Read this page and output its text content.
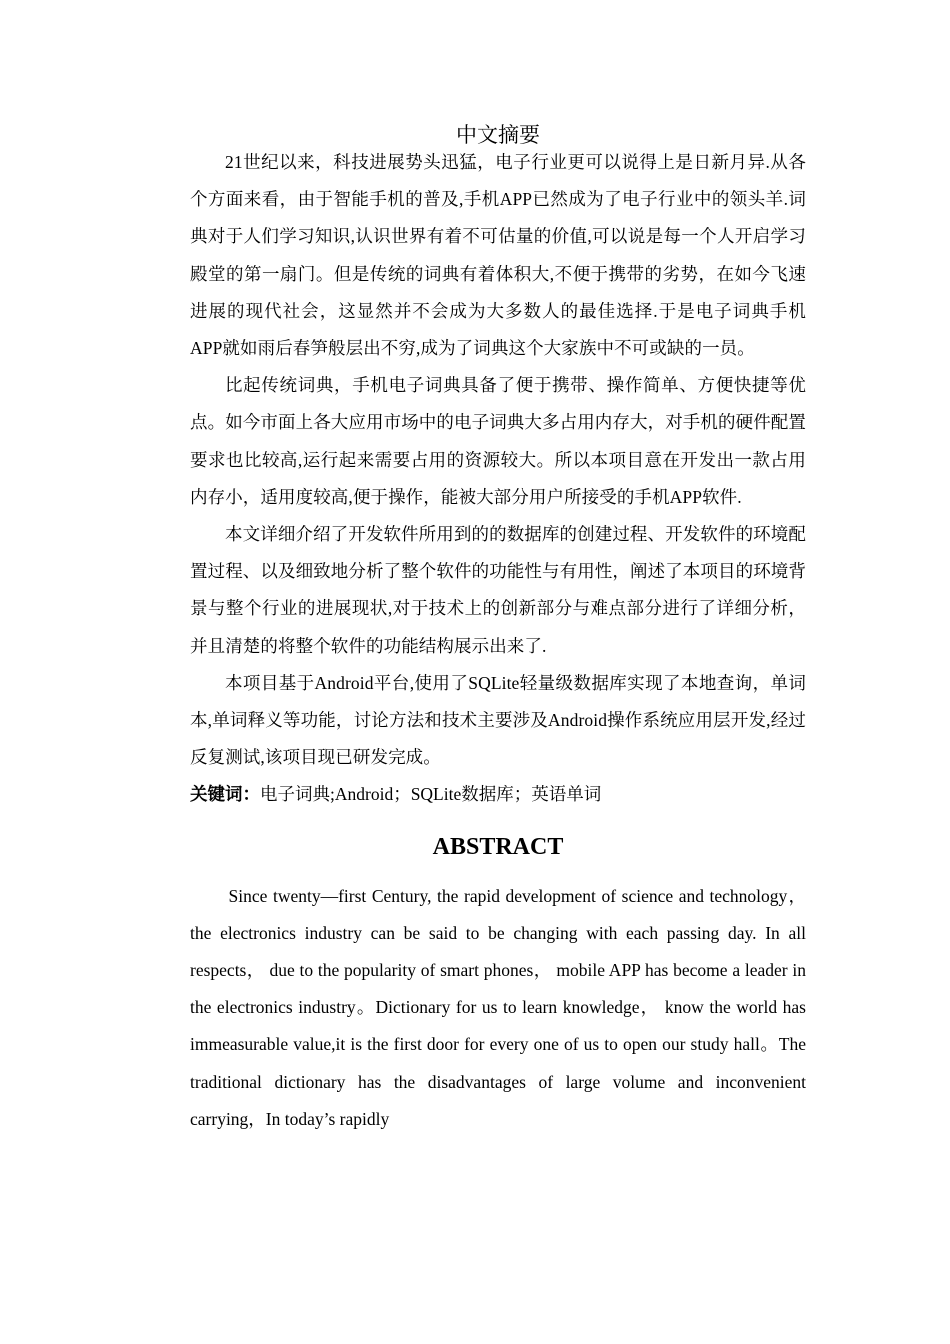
中文摘要

21世纪以来，科技进展势头迅猛，电子行业更可以说得上是日新月异.从各个方面来看，由于智能手机的普及,手机APP已然成为了电子行业中的领头羊.词典对于人们学习知识,认识世界有着不可估量的价值,可以说是每一个人开启学习殿堂的第一扇门。但是传统的词典有着体积大,不便于携带的劣势，在如今飞速进展的现代社会，这显然并不会成为大多数人的最佳选择.于是电子词典手机APP就如雨后春笋般层出不穷,成为了词典这个大家族中不可或缺的一员。

比起传统词典，手机电子词典具备了便于携带、操作简单、方便快捷等优点。如今市面上各大应用市场中的电子词典大多占用内存大，对手机的硬件配置要求也比较高,运行起来需要占用的资源较大。所以本项目意在开发出一款占用内存小，适用度较高,便于操作，能被大部分用户所接受的手机APP软件.

本文详细介绍了开发软件所用到的的数据库的创建过程、开发软件的环境配置过程、以及细致地分析了整个软件的功能性与有用性，阐述了本项目的环境背景与整个行业的进展现状,对于技术上的创新部分与难点部分进行了详细分析，并且清楚的将整个软件的功能结构展示出来了.

本项目基于Android平台,使用了SQLite轻量级数据库实现了本地查询，单词本,单词释义等功能，讨论方法和技术主要涉及Android操作系统应用层开发,经过反复测试,该项目现已研发完成。

关键词：电子词典;Android；SQLite数据库；英语单词

ABSTRACT

Since twenty—first Century, the rapid development of science and technology， the electronics industry can be said to be changing with each passing day. In all respects， due to the popularity of smart phones， mobile APP has become a leader in the electronics industry。Dictionary for us to learn knowledge， know the world has immeasurable value,it is the first door for every one of us to open our study hall。The traditional dictionary has the disadvantages of large volume and inconvenient carrying，In today’s rapidly
